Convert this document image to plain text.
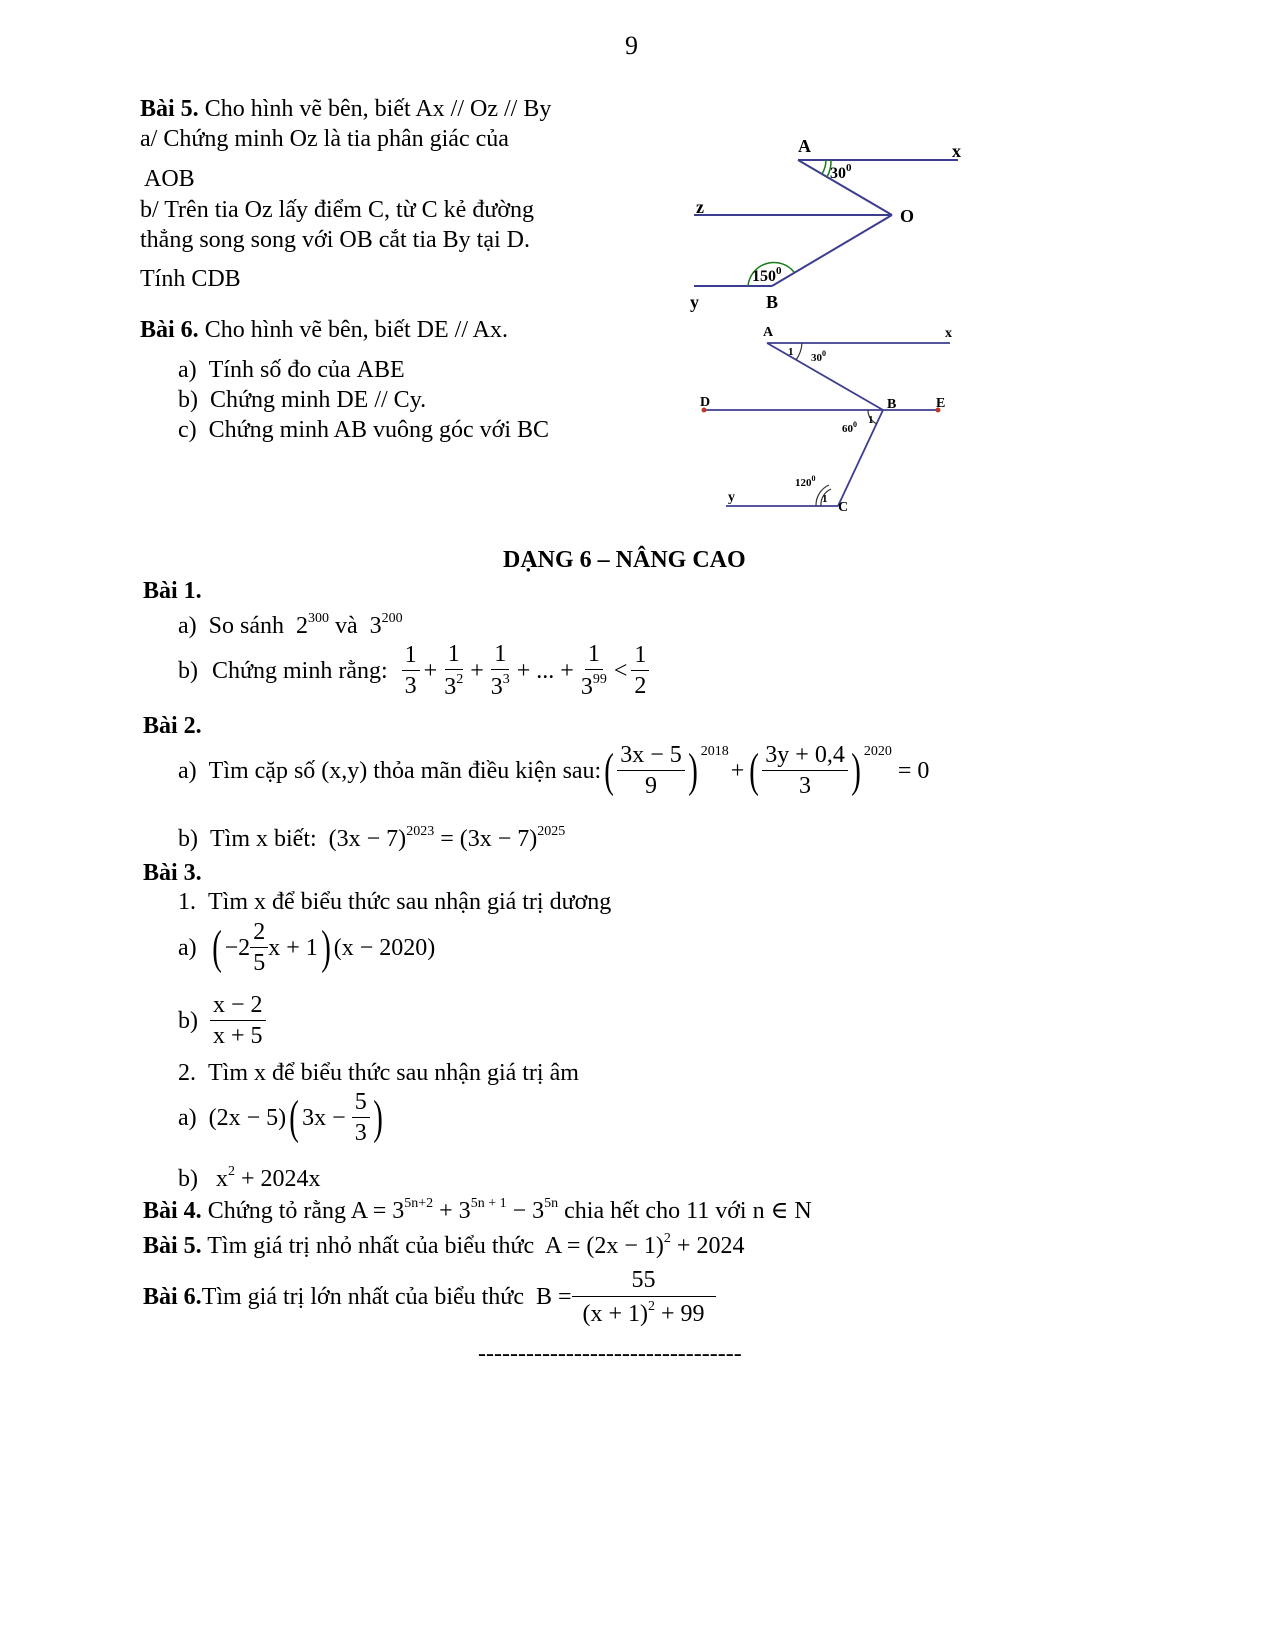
9
Bài 5. Cho hình vẽ bên, biết Ax // Oz // By
a/ Chứng minh Oz là tia phân giác của
AOB
b/ Trên tia Oz lấy điểm C, từ C kẻ đường
thẳng song song với OB cắt tia By tại D.
Tính CDB
Bài 6. Cho hình vẽ bên, biết DE // Ax.
a) Tính số đo của ABE
b) Chứng minh DE // Cy.
c) Chứng minh AB vuông góc với BC
A	x
z	O
y	B
$30^0$
$150^0$
A	x
D	B	E
y
C
1 $30^0$
$60^0$ 1
$120^0$
1
DẠNG 6 – NÂNG CAO
Bài 1.
a) So sánh $2^{300}$ và $3^{200}$
b)
Chứng minh rằng:
$\frac{1}{3} + \frac{1}{3^2} + \frac{1}{3^3}$ + ... + $\frac{1}{3^{99}} < \frac{1}{2}$
Bài 2.
a)
Tìm cặp số (x,y) thỏa mãn điều kiện sau: ( $\frac{3x - 5}{9}$ ) 2018
+ ( $\frac{3y + 0,4}{3}$ ) 2020
= 0
b) Tìm x biết: $(3x - 7)^{2023} = (3x - 7)^{2025}$
Bài 3.
1. Tìm x để biểu thức sau nhận giá trị dương
a)
( $-2 \frac{2}{5}$ x + 1 ) (x − 2020)
b)
$\frac{x - 2}{x + 5}$
2. Tìm x để biểu thức sau nhận giá trị âm
a)
(2x − 5) ( 3x −
$\frac{5}{3}$ )
b) $x^2 + 2024x$
Bài 4. Chứng tỏ rằng $A = 3^{5n+2} + 3^{5n + 1} - 3^{5n}$ chia hết cho 11 với n ∈ N
Bài 5. Tìm giá trị nhỏ nhất của biểu thức $A = (2x - 1)^2 + 2024$
Bài 6. Tìm giá trị lớn nhất của biểu thức
$B = \frac{55}{(x + 1)^2 + 99}$
---------------------------------
